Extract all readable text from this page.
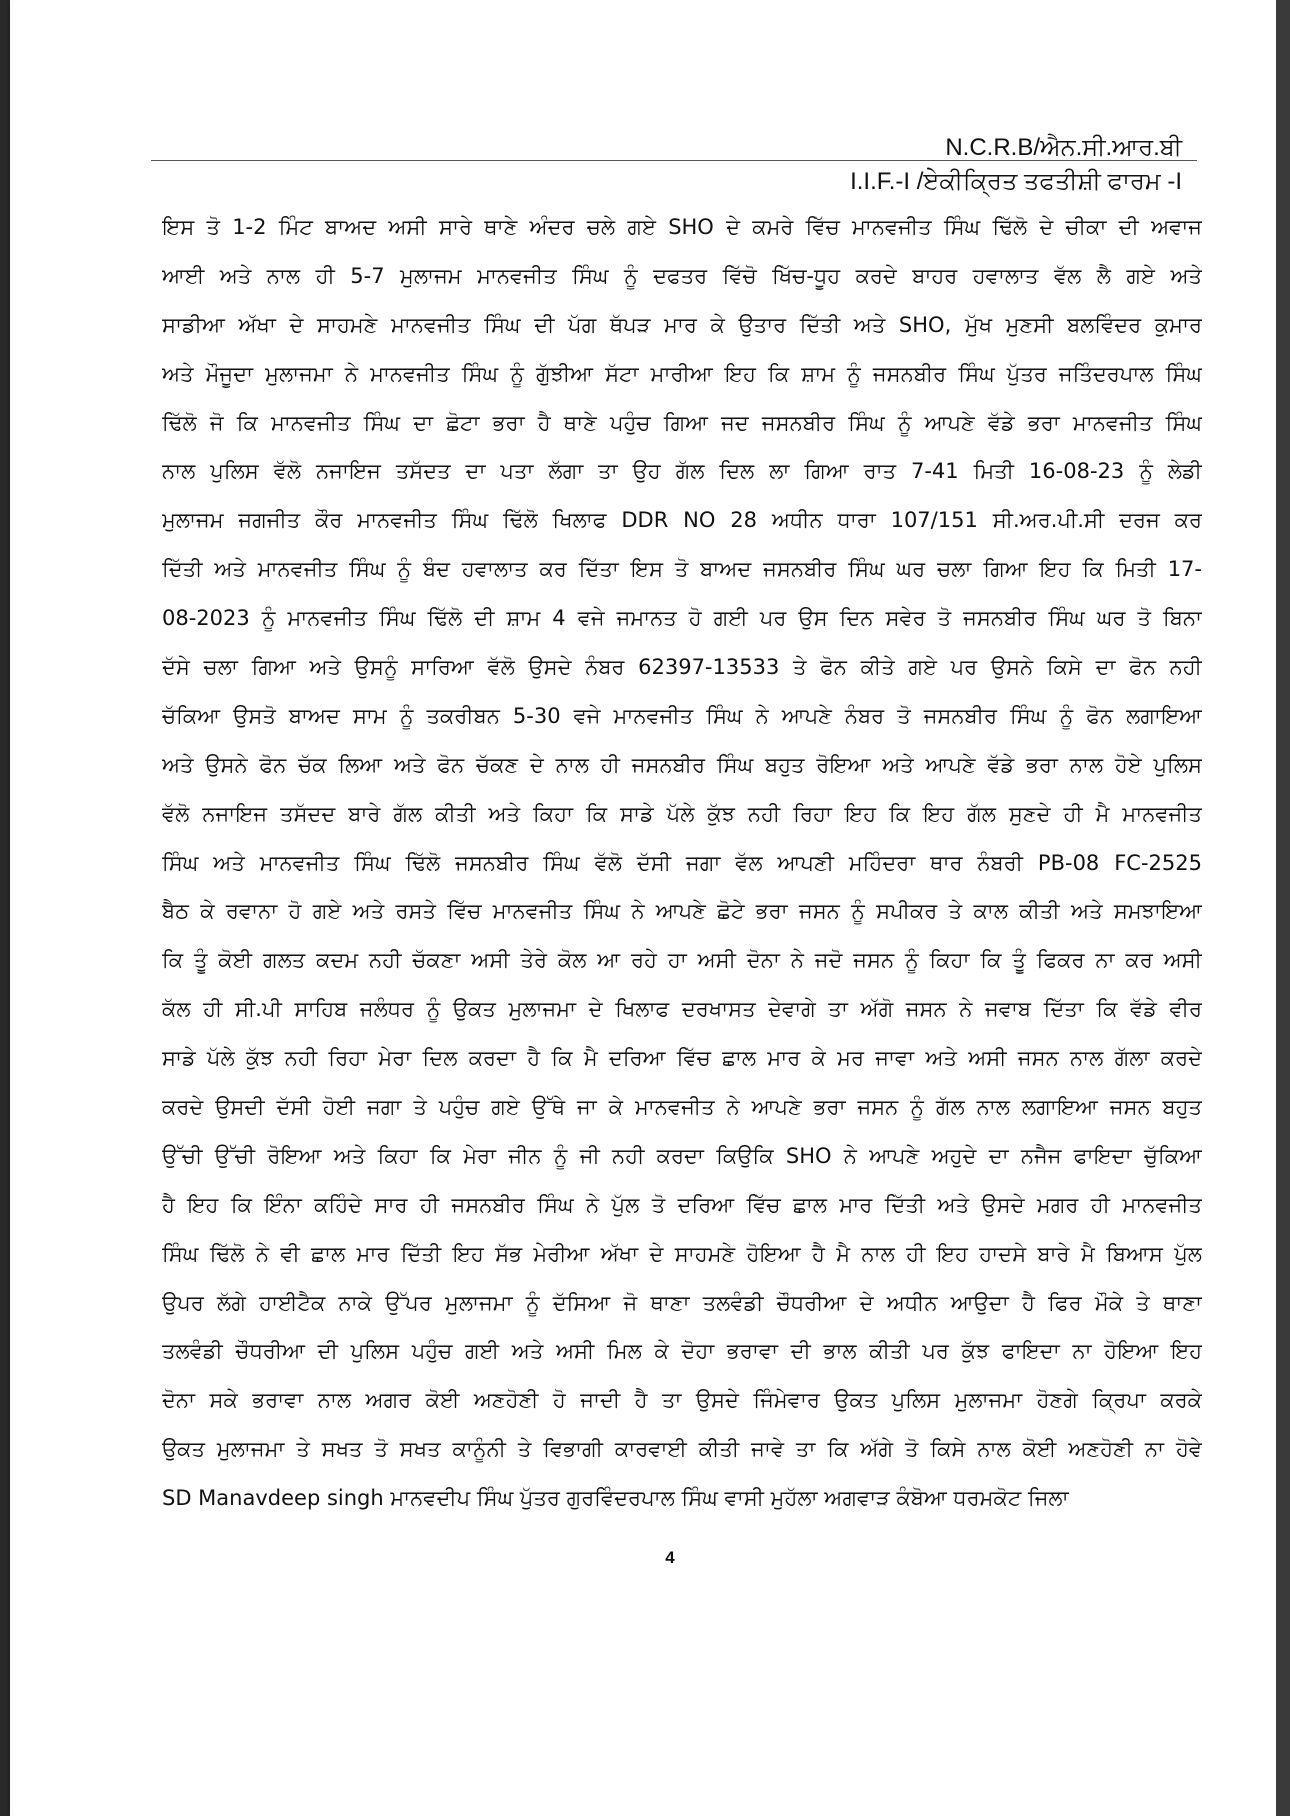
N.C.R.B/ਐਨ.ਸੀ.ਆਰ.ਬੀ
I.I.F.-I /ਏਕੀਕ੍ਰਿਤ ਤਫਤੀਸ਼ੀ ਫਾਰਮ -I
ਇਸ ਤੋ 1-2 ਮਿੰਟ ਬਾਅਦ ਅਸੀ ਸਾਰੇ ਥਾਣੇ ਅੰਦਰ ਚਲੇ ਗਏ SHO ਦੇ ਕਮਰੇ ਵਿੱਚ ਮਾਨਵਜੀਤ ਸਿੰਘ ਢਿੱਲੋ ਦੇ ਚੀਕਾ ਦੀ ਅਵਾਜ
ਆਈ ਅਤੇ ਨਾਲ ਹੀ 5-7 ਮੁਲਾਜਮ ਮਾਨਵਜੀਤ ਸਿੰਘ ਨੂੰ ਦਫਤਰ ਵਿੱਚੋ ਖਿੱਚ-ਧੂਹ ਕਰਦੇ ਬਾਹਰ ਹਵਾਲਾਤ ਵੱਲ ਲੈ ਗਏ ਅਤੇ
ਸਾਡੀਆ ਅੱਖਾ ਦੇ ਸਾਹਮਣੇ ਮਾਨਵਜੀਤ ਸਿੰਘ ਦੀ ਪੱਗ ਥੱਪੜ ਮਾਰ ਕੇ ਉਤਾਰ ਦਿੱਤੀ ਅਤੇ SHO, ਮੁੱਖ ਮੁਣਸੀ ਬਲਵਿੰਦਰ ਕੁਮਾਰ
ਅਤੇ ਮੌਜੂਦਾ ਮੁਲਾਜਮਾ ਨੇ ਮਾਨਵਜੀਤ ਸਿੰਘ ਨੂੰ ਗੁੱਝੀਆ ਸੱਟਾ ਮਾਰੀਆ ਇਹ ਕਿ ਸ਼ਾਮ ਨੂੰ ਜਸਨਬੀਰ ਸਿੰਘ ਪੁੱਤਰ ਜਤਿੰਦਰਪਾਲ ਸਿੰਘ
ਢਿੱਲੋ ਜੋ ਕਿ ਮਾਨਵਜੀਤ ਸਿੰਘ ਦਾ ਛੋਟਾ ਭਰਾ ਹੈ ਥਾਣੇ ਪਹੁੰਚ ਗਿਆ ਜਦ ਜਸਨਬੀਰ ਸਿੰਘ ਨੂੰ ਆਪਣੇ ਵੱਡੇ ਭਰਾ ਮਾਨਵਜੀਤ ਸਿੰਘ
ਨਾਲ ਪੁਲਿਸ ਵੱਲੋ ਨਜਾਇਜ ਤਸੱਦਤ ਦਾ ਪਤਾ ਲੱਗਾ ਤਾ ਉਹ ਗੱਲ ਦਿਲ ਲਾ ਗਿਆ ਰਾਤ 7-41 ਮਿਤੀ 16-08-23 ਨੂੰ ਲੇਡੀ
ਮੁਲਾਜਮ ਜਗਜੀਤ ਕੌਰ ਮਾਨਵਜੀਤ ਸਿੰਘ ਢਿੱਲੋ ਖਿਲਾਫ DDR NO 28 ਅਧੀਨ ਧਾਰਾ 107/151 ਸੀ.ਅਰ.ਪੀ.ਸੀ ਦਰਜ ਕਰ
ਦਿੱਤੀ ਅਤੇ ਮਾਨਵਜੀਤ ਸਿੰਘ ਨੂੰ ਬੰਦ ਹਵਾਲਾਤ ਕਰ ਦਿੱਤਾ ਇਸ ਤੋ ਬਾਅਦ ਜਸਨਬੀਰ ਸਿੰਘ ਘਰ ਚਲਾ ਗਿਆ ਇਹ ਕਿ ਮਿਤੀ 17-
08-2023 ਨੂੰ ਮਾਨਵਜੀਤ ਸਿੰਘ ਢਿੱਲੋ ਦੀ ਸ਼ਾਮ 4 ਵਜੇ ਜਮਾਨਤ ਹੋ ਗਈ ਪਰ ਉਸ ਦਿਨ ਸਵੇਰ ਤੋ ਜਸਨਬੀਰ ਸਿੰਘ ਘਰ ਤੋ ਬਿਨਾ
ਦੱਸੇ ਚਲਾ ਗਿਆ ਅਤੇ ਉਸਨੂੰ ਸਾਰਿਆ ਵੱਲੋ ਉਸਦੇ ਨੰਬਰ 62397-13533 ਤੇ ਫੋਨ ਕੀਤੇ ਗਏ ਪਰ ਉਸਨੇ ਕਿਸੇ ਦਾ ਫੋਨ ਨਹੀ
ਚੱਕਿਆ ਉਸਤੋ ਬਾਅਦ ਸਾਮ ਨੂੰ ਤਕਰੀਬਨ 5-30 ਵਜੇ ਮਾਨਵਜੀਤ ਸਿੰਘ ਨੇ ਆਪਣੇ ਨੰਬਰ ਤੋ ਜਸਨਬੀਰ ਸਿੰਘ ਨੂੰ ਫੋਨ ਲਗਾਇਆ
ਅਤੇ ਉਸਨੇ ਫੋਨ ਚੱਕ ਲਿਆ ਅਤੇ ਫੋਨ ਚੱਕਣ ਦੇ ਨਾਲ ਹੀ ਜਸਨਬੀਰ ਸਿੰਘ ਬਹੁਤ ਰੋਇਆ ਅਤੇ ਆਪਣੇ ਵੱਡੇ ਭਰਾ ਨਾਲ ਹੋਏ ਪੁਲਿਸ
ਵੱਲੋ ਨਜਾਇਜ ਤਸੱਦਦ ਬਾਰੇ ਗੱਲ ਕੀਤੀ ਅਤੇ ਕਿਹਾ ਕਿ ਸਾਡੇ ਪੱਲੇ ਕੁੱਝ ਨਹੀ ਰਿਹਾ ਇਹ ਕਿ ਇਹ ਗੱਲ ਸੁਣਦੇ ਹੀ ਮੈ ਮਾਨਵਜੀਤ
ਸਿੰਘ ਅਤੇ ਮਾਨਵਜੀਤ ਸਿੰਘ ਢਿੱਲੋ ਜਸਨਬੀਰ ਸਿੰਘ ਵੱਲੋ ਦੱਸੀ ਜਗਾ ਵੱਲ ਆਪਣੀ ਮਹਿੰਦਰਾ ਥਾਰ ਨੰਬਰੀ PB-08 FC-2525
ਬੈਠ ਕੇ ਰਵਾਨਾ ਹੋ ਗਏ ਅਤੇ ਰਸਤੇ ਵਿੱਚ ਮਾਨਵਜੀਤ ਸਿੰਘ ਨੇ ਆਪਣੇ ਛੋਟੇ ਭਰਾ ਜਸਨ ਨੂੰ ਸਪੀਕਰ ਤੇ ਕਾਲ ਕੀਤੀ ਅਤੇ ਸਮਝਾਇਆ
ਕਿ ਤੂੰ ਕੋਈ ਗਲਤ ਕਦਮ ਨਹੀ ਚੱਕਣਾ ਅਸੀ ਤੇਰੇ ਕੋਲ ਆ ਰਹੇ ਹਾ ਅਸੀ ਦੋਨਾ ਨੇ ਜਦੋ ਜਸਨ ਨੂੰ ਕਿਹਾ ਕਿ ਤੂੰ ਫਿਕਰ ਨਾ ਕਰ ਅਸੀ
ਕੱਲ ਹੀ ਸੀ.ਪੀ ਸਾਹਿਬ ਜਲੰਧਰ ਨੂੰ ਉਕਤ ਮੁਲਾਜਮਾ ਦੇ ਖਿਲਾਫ ਦਰਖਾਸਤ ਦੇਵਾਗੇ ਤਾ ਅੱਗੋ ਜਸਨ ਨੇ ਜਵਾਬ ਦਿੱਤਾ ਕਿ ਵੱਡੇ ਵੀਰ
ਸਾਡੇ ਪੱਲੇ ਕੁੱਝ ਨਹੀ ਰਿਹਾ ਮੇਰਾ ਦਿਲ ਕਰਦਾ ਹੈ ਕਿ ਮੈ ਦਰਿਆ ਵਿੱਚ ਛਾਲ ਮਾਰ ਕੇ ਮਰ ਜਾਵਾ ਅਤੇ ਅਸੀ ਜਸਨ ਨਾਲ ਗੱਲਾ ਕਰਦੇ
ਕਰਦੇ ਉਸਦੀ ਦੱਸੀ ਹੋਈ ਜਗਾ ਤੇ ਪਹੁੰਚ ਗਏ ਉੱਥੇ ਜਾ ਕੇ ਮਾਨਵਜੀਤ ਨੇ ਆਪਣੇ ਭਰਾ ਜਸਨ ਨੂੰ ਗੱਲ ਨਾਲ ਲਗਾਇਆ ਜਸਨ ਬਹੁਤ
ਉੱਚੀ ਉੱਚੀ ਰੋਇਆ ਅਤੇ ਕਿਹਾ ਕਿ ਮੇਰਾ ਜੀਨ ਨੂੰ ਜੀ ਨਹੀ ਕਰਦਾ ਕਿਉਕਿ SHO ਨੇ ਆਪਣੇ ਅਹੁਦੇ ਦਾ ਨਜੈਜ ਫਾਇਦਾ ਚੁੱਕਿਆ
ਹੈ ਇਹ ਕਿ ਇੰਨਾ ਕਹਿੰਦੇ ਸਾਰ ਹੀ ਜਸਨਬੀਰ ਸਿੰਘ ਨੇ ਪੁੱਲ ਤੋ ਦਰਿਆ ਵਿੱਚ ਛਾਲ ਮਾਰ ਦਿੱਤੀ ਅਤੇ ਉਸਦੇ ਮਗਰ ਹੀ ਮਾਨਵਜੀਤ
ਸਿੰਘ ਢਿੱਲੋ ਨੇ ਵੀ ਛਾਲ ਮਾਰ ਦਿੱਤੀ ਇਹ ਸੱਭ ਮੇਰੀਆ ਅੱਖਾ ਦੇ ਸਾਹਮਣੇ ਹੋਇਆ ਹੈ ਮੈ ਨਾਲ ਹੀ ਇਹ ਹਾਦਸੇ ਬਾਰੇ ਮੈ ਬਿਆਸ ਪੁੱਲ
ਉਪਰ ਲੱਗੇ ਹਾਈਟੈਕ ਨਾਕੇ ਉੱਪਰ ਮੁਲਾਜਮਾ ਨੂੰ ਦੱਸਿਆ ਜੋ ਥਾਣਾ ਤਲਵੰਡੀ ਚੌਧਰੀਆ ਦੇ ਅਧੀਨ ਆਉਦਾ ਹੈ ਫਿਰ ਮੌਕੇ ਤੇ ਥਾਣਾ
ਤਲਵੰਡੀ ਚੌਧਰੀਆ ਦੀ ਪੁਲਿਸ ਪਹੁੰਚ ਗਈ ਅਤੇ ਅਸੀ ਮਿਲ ਕੇ ਦੋਹਾ ਭਰਾਵਾ ਦੀ ਭਾਲ ਕੀਤੀ ਪਰ ਕੁੱਝ ਫਾਇਦਾ ਨਾ ਹੋਇਆ ਇਹ
ਦੋਨਾ ਸਕੇ ਭਰਾਵਾ ਨਾਲ ਅਗਰ ਕੋਈ ਅਣਹੋਣੀ ਹੋ ਜਾਦੀ ਹੈ ਤਾ ਉਸਦੇ ਜਿੰਮੇਵਾਰ ਉਕਤ ਪੁਲਿਸ ਮੁਲਾਜਮਾ ਹੋਣਗੇ ਕ੍ਰਿਪਾ ਕਰਕੇ
ਉਕਤ ਮੁਲਾਜਮਾ ਤੇ ਸਖਤ ਤੋ ਸਖਤ ਕਾਨੂੰਨੀ ਤੇ ਵਿਭਾਗੀ ਕਾਰਵਾਈ ਕੀਤੀ ਜਾਵੇ ਤਾ ਕਿ ਅੱਗੇ ਤੋ ਕਿਸੇ ਨਾਲ ਕੋਈ ਅਣਹੋਣੀ ਨਾ ਹੋਵੇ
SD Manavdeep singh ਮਾਨਵਦੀਪ ਸਿੰਘ ਪੁੱਤਰ ਗੁਰਵਿੰਦਰਪਾਲ ਸਿੰਘ ਵਾਸੀ ਮੁਹੱਲਾ ਅਗਵਾੜ ਕੰਬੋਆ ਧਰਮਕੋਟ ਜਿਲਾ
4
